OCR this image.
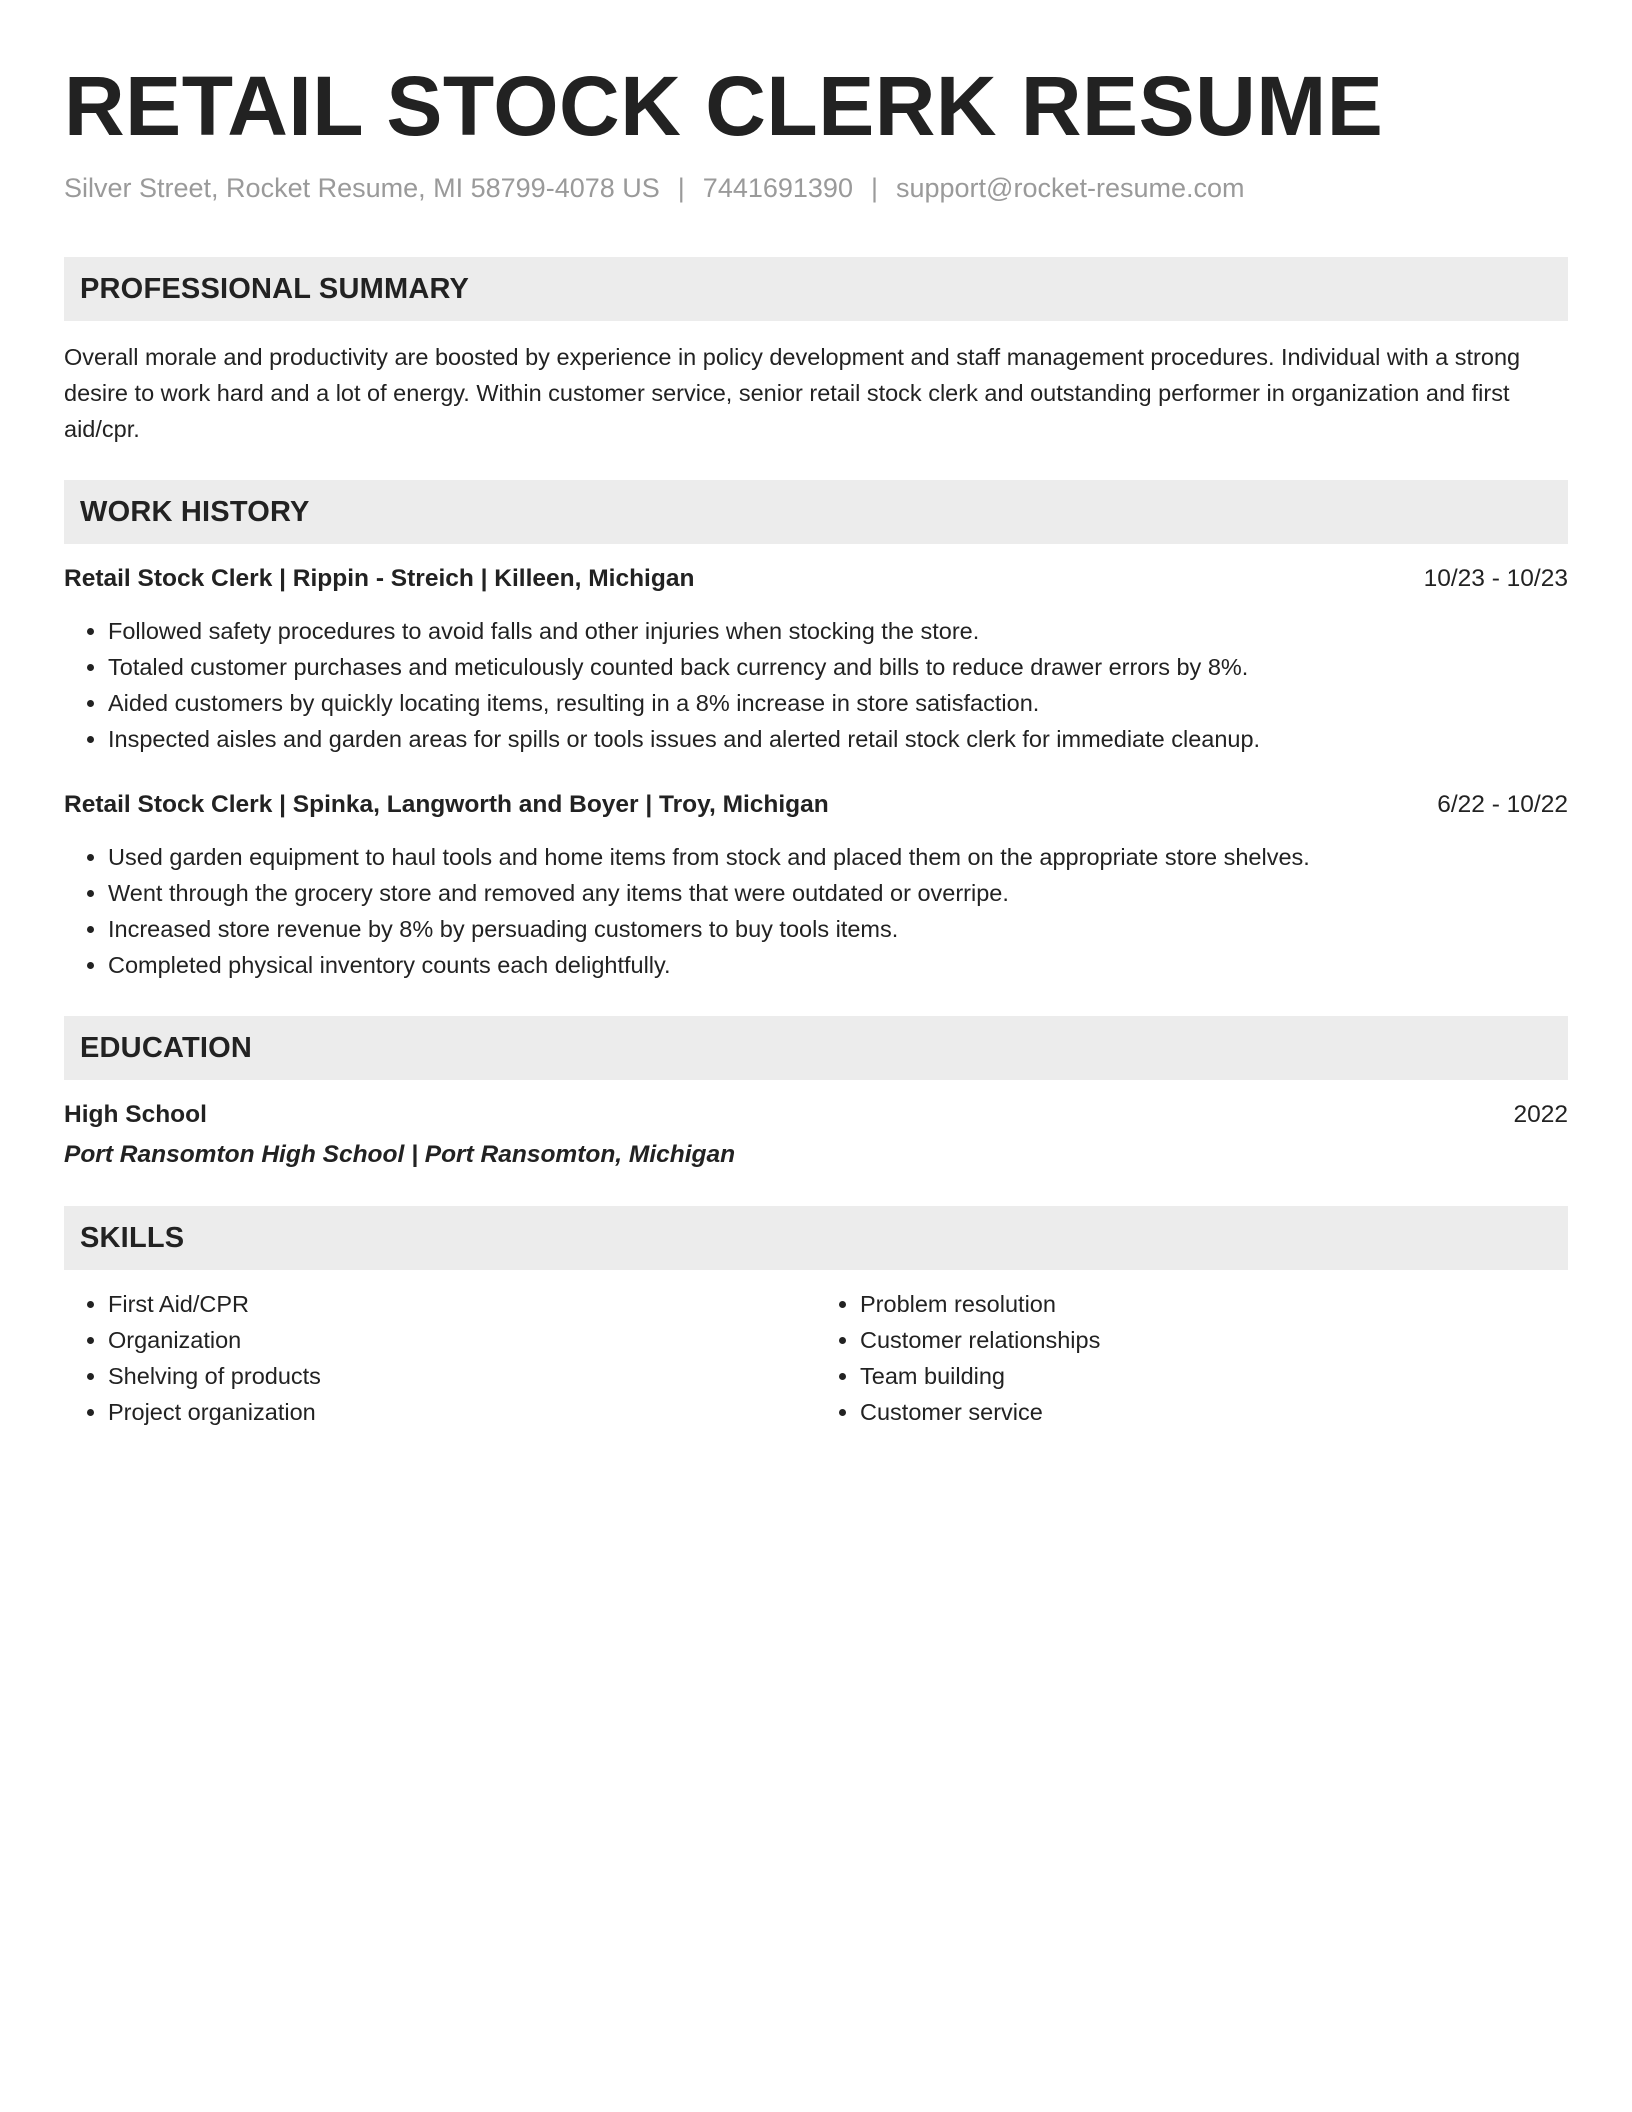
RETAIL STOCK CLERK RESUME
Silver Street, Rocket Resume, MI 58799-4078 US | 7441691390 | support@rocket-resume.com
PROFESSIONAL SUMMARY

Overall morale and productivity are boosted by experience in policy development and staff management procedures. Individual with a strong desire to work hard and a lot of energy. Within customer service, senior retail stock clerk and outstanding performer in organization and first aid/cpr.

WORK HISTORY
Retail Stock Clerk | Rippin - Streich | Killeen, Michigan	10/23 - 10/23
• Followed safety procedures to avoid falls and other injuries when stocking the store.
• Totaled customer purchases and meticulously counted back currency and bills to reduce drawer errors by 8%.
• Aided customers by quickly locating items, resulting in a 8% increase in store satisfaction.
• Inspected aisles and garden areas for spills or tools issues and alerted retail stock clerk for immediate cleanup.
Retail Stock Clerk | Spinka, Langworth and Boyer | Troy, Michigan	6/22 - 10/22
• Used garden equipment to haul tools and home items from stock and placed them on the appropriate store shelves.
• Went through the grocery store and removed any items that were outdated or overripe.
• Increased store revenue by 8% by persuading customers to buy tools items.
• Completed physical inventory counts each delightfully.
EDUCATION
High School	2022
Port Ransomton High School | Port Ransomton, Michigan
SKILLS
• First Aid/CPR
• Organization
• Shelving of products
• Project organization
• Problem resolution
• Customer relationships
• Team building
• Customer service
